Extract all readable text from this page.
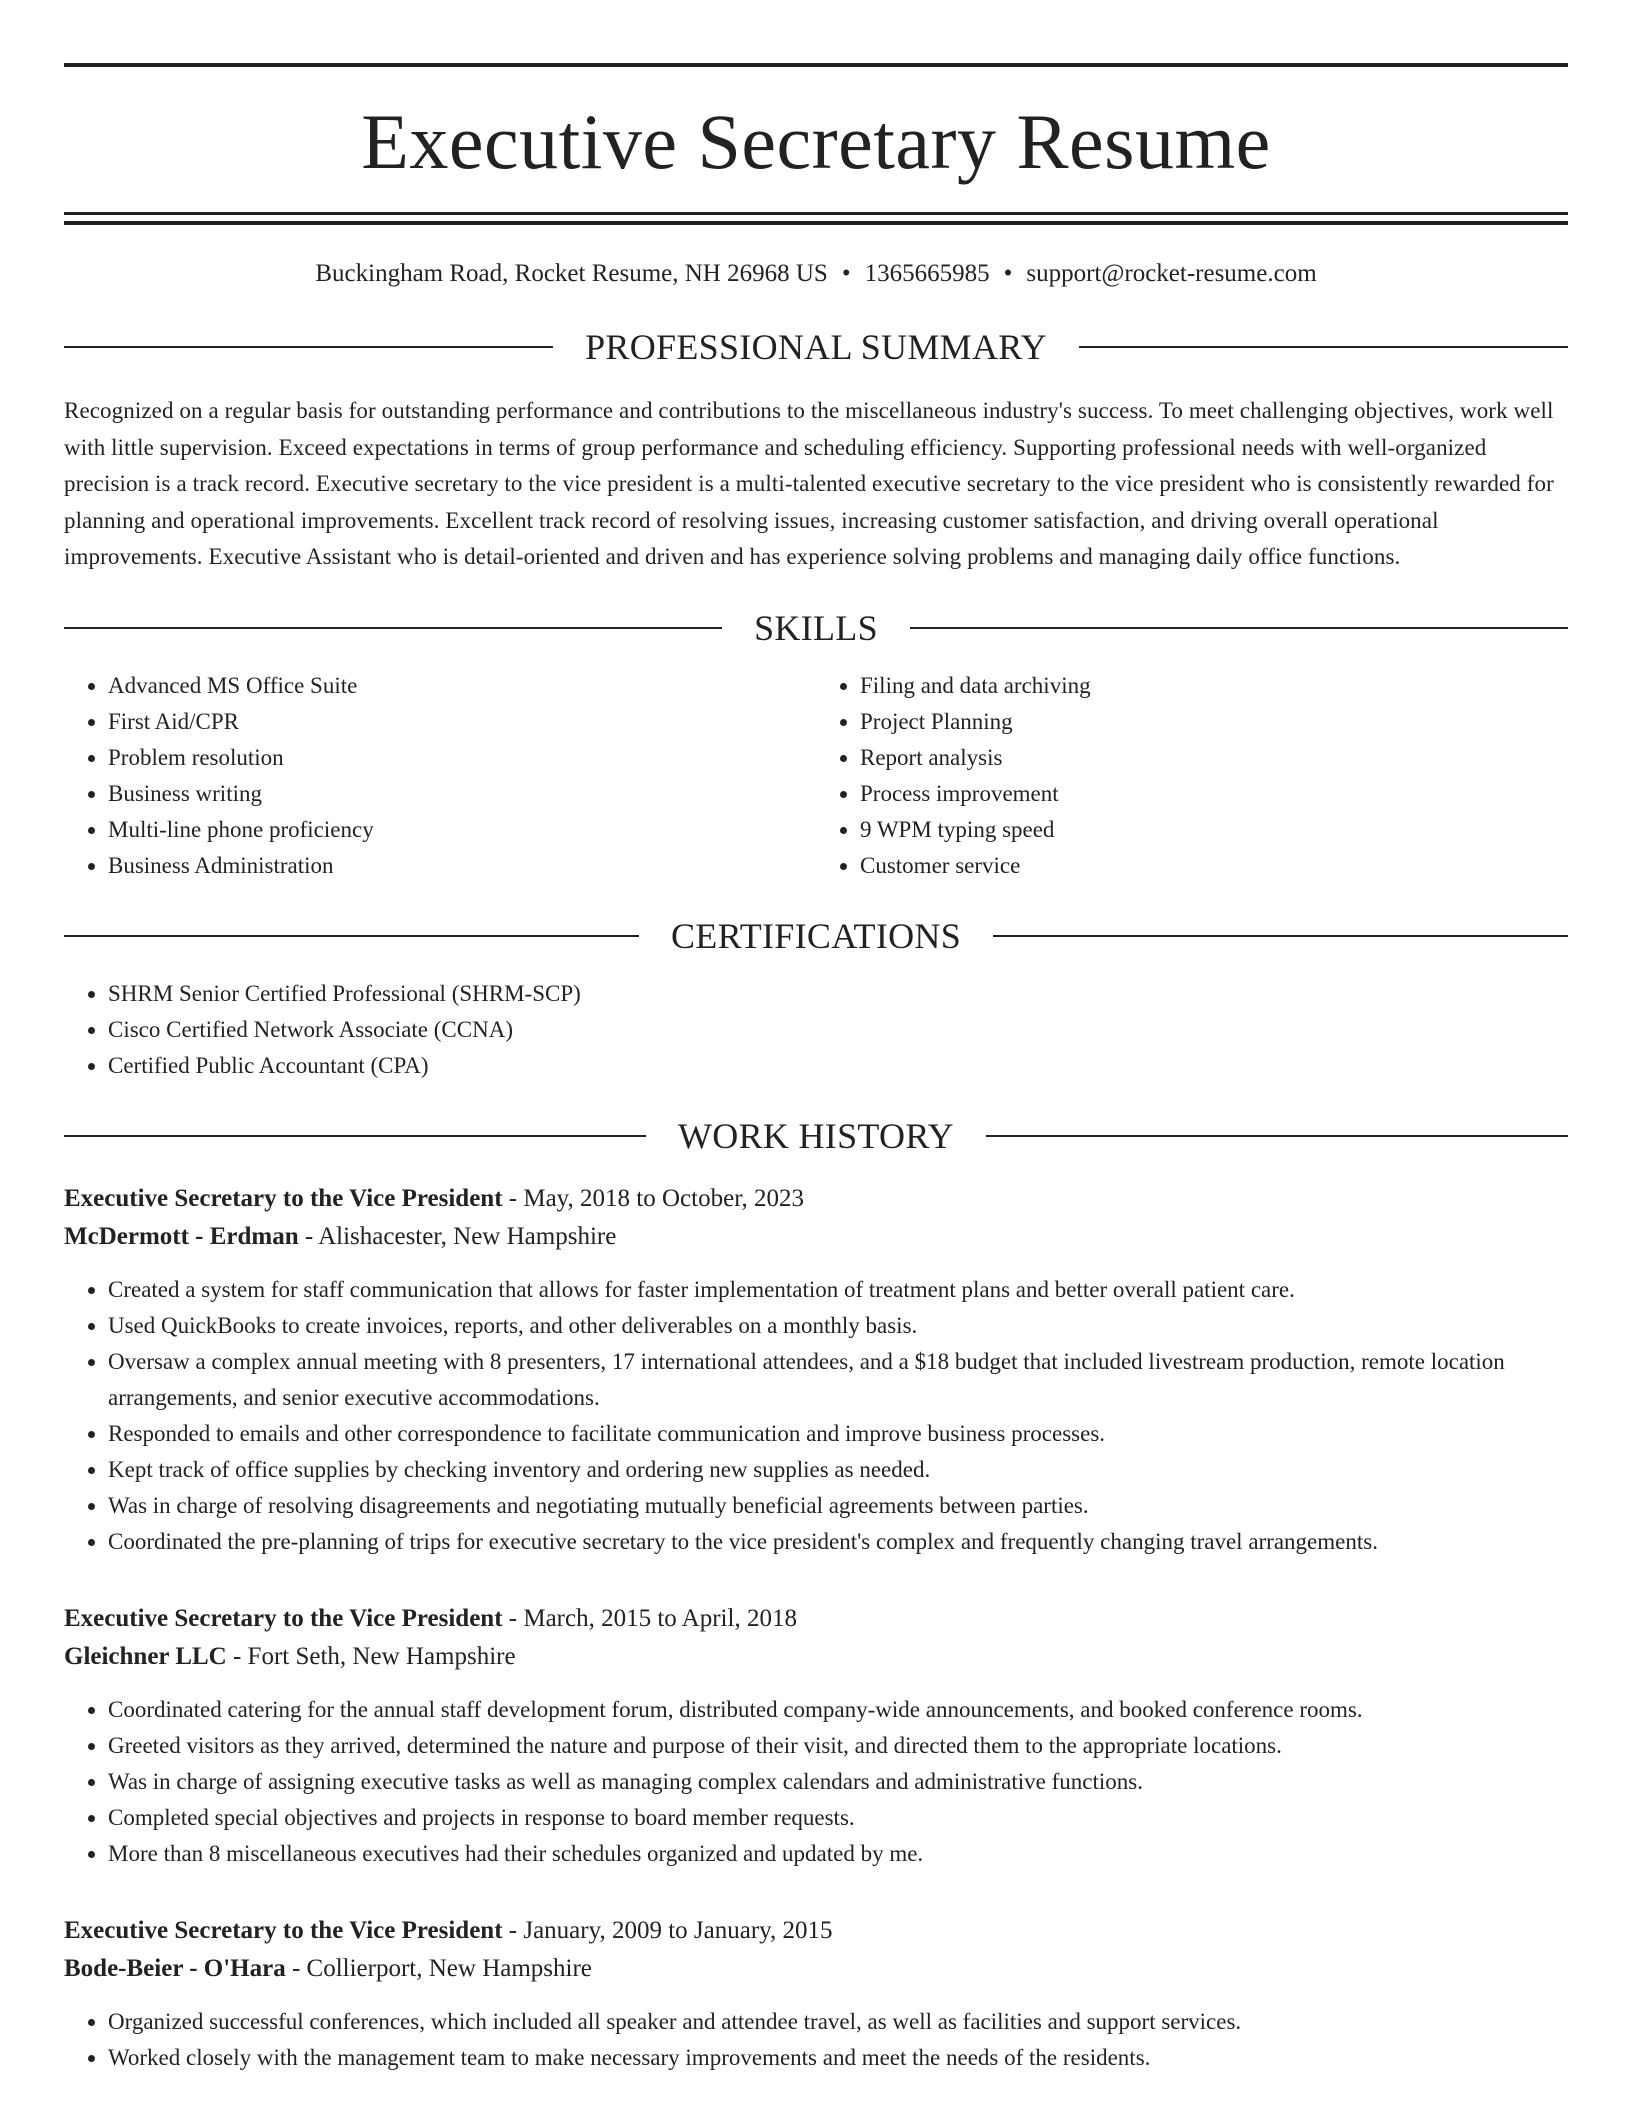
Executive Secretary Resume
Buckingham Road, Rocket Resume, NH 26968 US • 1365665985 • support@rocket-resume.com
PROFESSIONAL SUMMARY
Recognized on a regular basis for outstanding performance and contributions to the miscellaneous industry's success. To meet challenging objectives, work well with little supervision. Exceed expectations in terms of group performance and scheduling efficiency. Supporting professional needs with well-organized precision is a track record. Executive secretary to the vice president is a multi-talented executive secretary to the vice president who is consistently rewarded for planning and operational improvements. Excellent track record of resolving issues, increasing customer satisfaction, and driving overall operational improvements. Executive Assistant who is detail-oriented and driven and has experience solving problems and managing daily office functions.
SKILLS
• Advanced MS Office Suite
• First Aid/CPR
• Problem resolution
• Business writing
• Multi-line phone proficiency
• Business Administration
• Filing and data archiving
• Project Planning
• Report analysis
• Process improvement
• 9 WPM typing speed
• Customer service
CERTIFICATIONS
• SHRM Senior Certified Professional (SHRM-SCP)
• Cisco Certified Network Associate (CCNA)
• Certified Public Accountant (CPA)
WORK HISTORY
Executive Secretary to the Vice President - May, 2018 to October, 2023
McDermott - Erdman - Alishacester, New Hampshire
• Created a system for staff communication that allows for faster implementation of treatment plans and better overall patient care.
• Used QuickBooks to create invoices, reports, and other deliverables on a monthly basis.
• Oversaw a complex annual meeting with 8 presenters, 17 international attendees, and a $18 budget that included livestream production, remote location arrangements, and senior executive accommodations.
• Responded to emails and other correspondence to facilitate communication and improve business processes.
• Kept track of office supplies by checking inventory and ordering new supplies as needed.
• Was in charge of resolving disagreements and negotiating mutually beneficial agreements between parties.
• Coordinated the pre-planning of trips for executive secretary to the vice president's complex and frequently changing travel arrangements.
Executive Secretary to the Vice President - March, 2015 to April, 2018
Gleichner LLC - Fort Seth, New Hampshire
• Coordinated catering for the annual staff development forum, distributed company-wide announcements, and booked conference rooms.
• Greeted visitors as they arrived, determined the nature and purpose of their visit, and directed them to the appropriate locations.
• Was in charge of assigning executive tasks as well as managing complex calendars and administrative functions.
• Completed special objectives and projects in response to board member requests.
• More than 8 miscellaneous executives had their schedules organized and updated by me.
Executive Secretary to the Vice President - January, 2009 to January, 2015
Bode-Beier - O'Hara - Collierport, New Hampshire
• Organized successful conferences, which included all speaker and attendee travel, as well as facilities and support services.
• Worked closely with the management team to make necessary improvements and meet the needs of the residents.
